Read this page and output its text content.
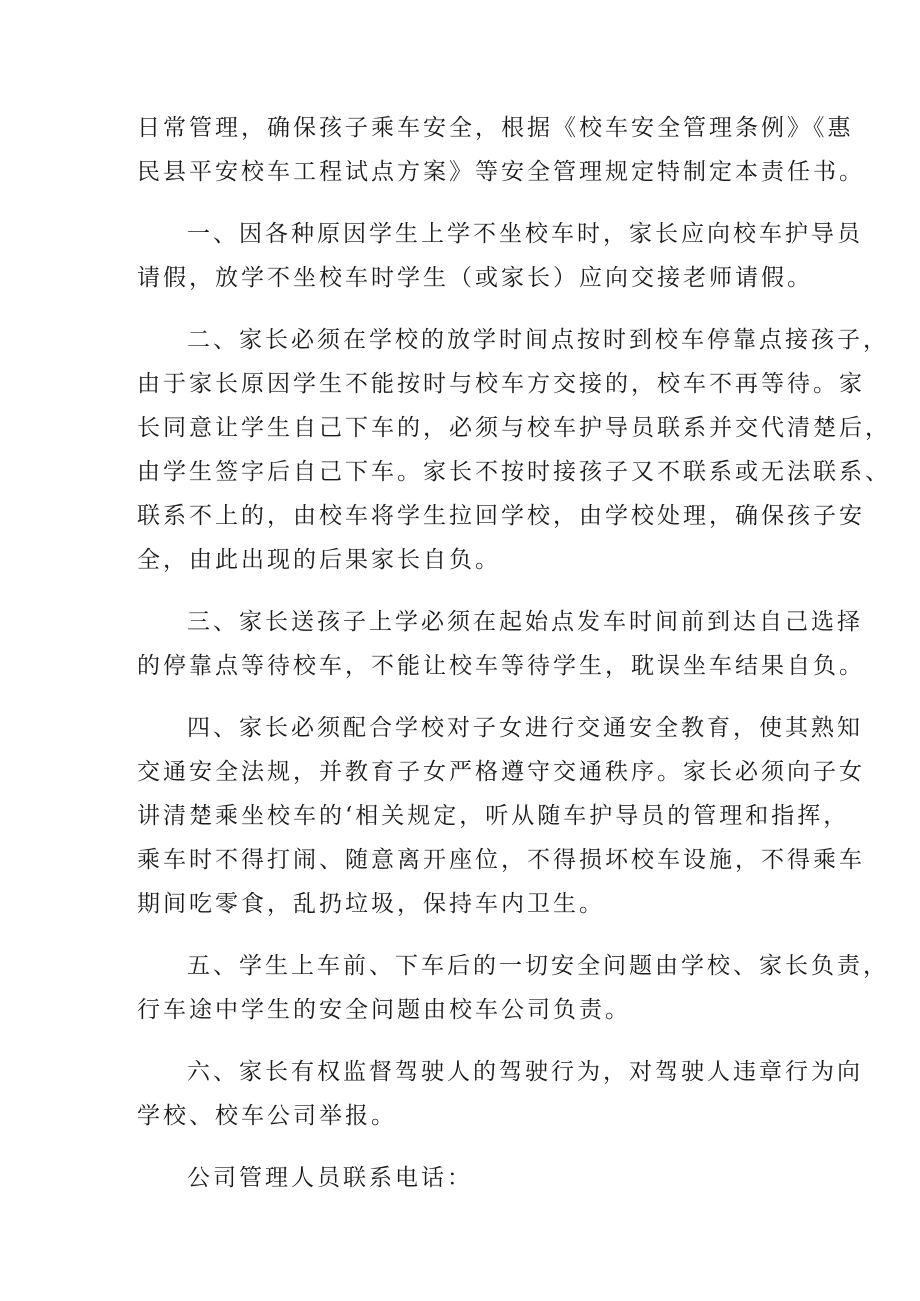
日常管理，确保孩子乘车安全，根据《校车安全管理条例》《惠
民县平安校车工程试点方案》等安全管理规定特制定本责任书。

一、因各种原因学生上学不坐校车时，家长应向校车护导员
请假，放学不坐校车时学生（或家长）应向交接老师请假。

二、家长必须在学校的放学时间点按时到校车停靠点接孩子，
由于家长原因学生不能按时与校车方交接的，校车不再等待。家
长同意让学生自己下车的，必须与校车护导员联系并交代清楚后，
由学生签字后自己下车。家长不按时接孩子又不联系或无法联系、
联系不上的，由校车将学生拉回学校，由学校处理，确保孩子安
全，由此出现的后果家长自负。

三、家长送孩子上学必须在起始点发车时间前到达自己选择
的停靠点等待校车，不能让校车等待学生，耽误坐车结果自负。

四、家长必须配合学校对子女进行交通安全教育，使其熟知
交通安全法规，并教育子女严格遵守交通秩序。家长必须向子女
讲清楚乘坐校车的‘相关规定，听从随车护导员的管理和指挥，
乘车时不得打闹、随意离开座位，不得损坏校车设施，不得乘车
期间吃零食，乱扔垃圾，保持车内卫生。

五、学生上车前、下车后的一切安全问题由学校、家长负责，
行车途中学生的安全问题由校车公司负责。

六、家长有权监督驾驶人的驾驶行为，对驾驶人违章行为向
学校、校车公司举报。

公司管理人员联系电话：
